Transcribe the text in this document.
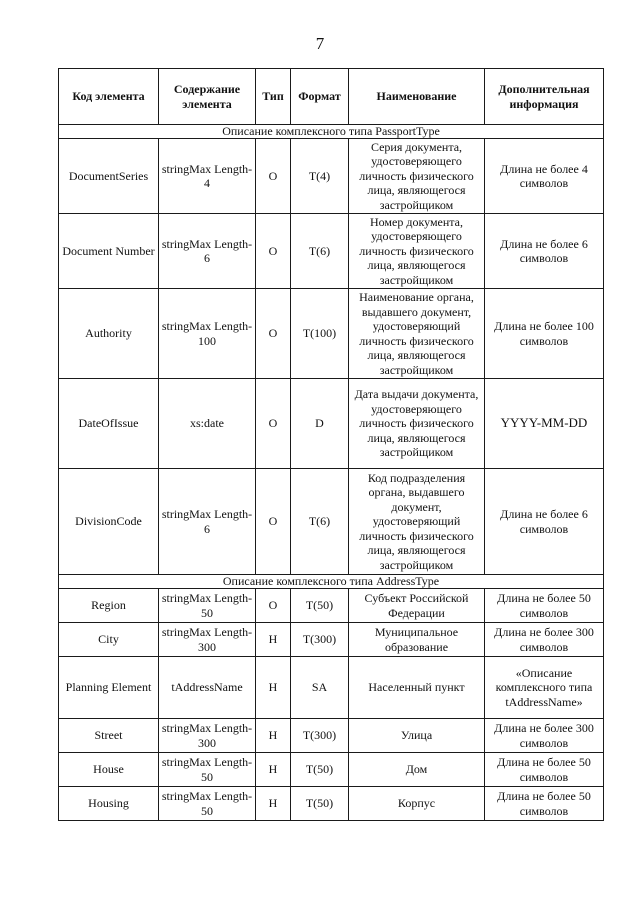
7
Код элемента	Содержание элемента	Тип	Формат	Наименование	Дополнительная информация
Описание комплексного типа PassportType					
DocumentSeries	stringMax Length-4	О	T(4)	Серия документа, удостоверяющего личность физического лица, являющегося застройщиком	Длина не более 4 символов
Document Number	stringMax Length-6	О	T(6)	Номер документа, удостоверяющего личность физического лица, являющегося застройщиком	Длина не более 6 символов
Authority	stringMax Length-100	О	T(100)	Наименование органа, выдавшего документ, удостоверяющий личность физического лица, являющегося застройщиком	Длина не более 100 символов
DateOfIssue	xs:date	О	D	Дата выдачи документа, удостоверяющего личность физического лица, являющегося застройщиком	YYYY-MM-DD
DivisionCode	stringMax Length-6	О	T(6)	Код подразделения органа, выдавшего документ, удостоверяющий личность физического лица, являющегося застройщиком	Длина не более 6 символов
Описание комплексного типа AddressType					
Region	stringMax Length-50	О	T(50)	Субъект Российской Федерации	Длина не более 50 символов
City	stringMax Length-300	Н	T(300)	Муниципальное образование	Длина не более 300 символов
Planning Element	tAddressName	Н	SA	Населенный пункт	«Описание комплексного типа tAddressName»
Street	stringMax Length-300	Н	T(300)	Улица	Длина не более 300 символов
House	stringMax Length-50	Н	T(50)	Дом	Длина не более 50 символов
Housing	stringMax Length-50	Н	T(50)	Корпус	Длина не более 50 символов
